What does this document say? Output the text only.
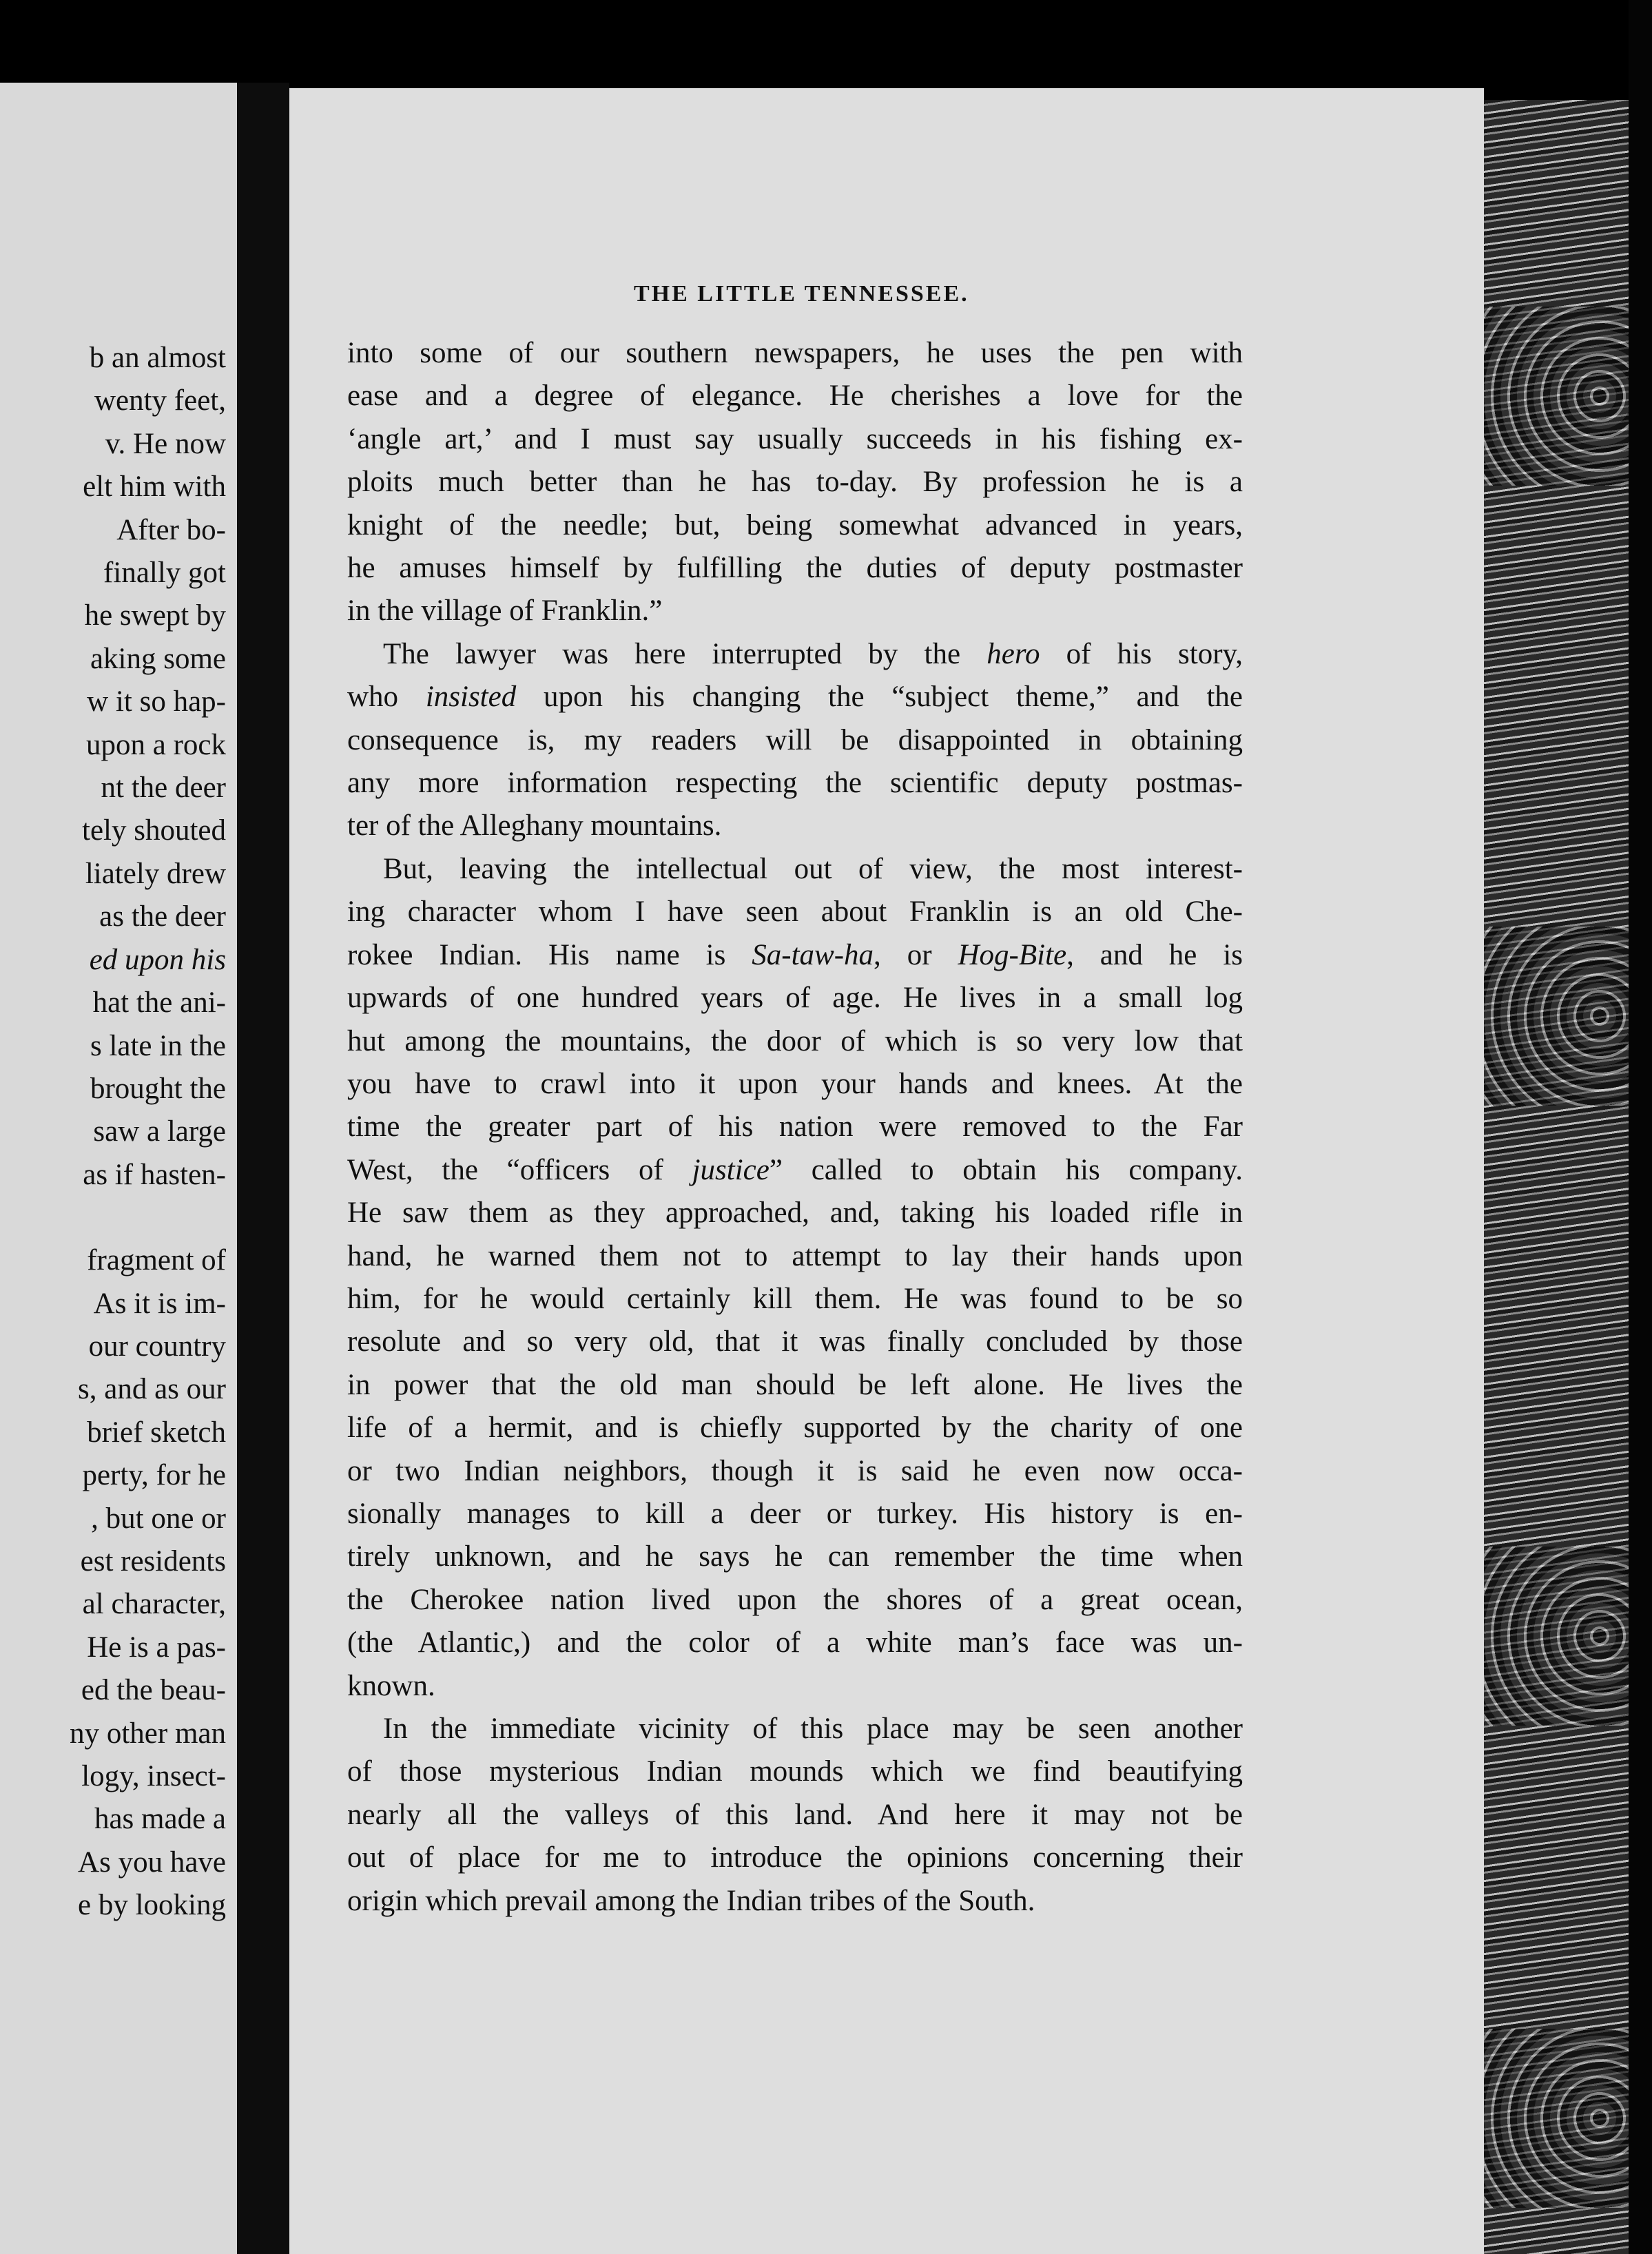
b an almost
wenty feet,
v. He now
elt him with
After bo-
finally got
he swept by
aking some
w it so hap-
upon a rock
nt the deer
tely shouted
liately drew
as the deer
ed upon his
hat the ani-
s late in the
brought the
saw a large
as if hasten-
fragment of
As it is im-
our country
s, and as our
brief sketch
perty, for he
, but one or
est residents
al character,
He is a pas-
ed the beau-
ny other man
logy, insect-
has made a
As you have
e by looking
THE LITTLE TENNESSEE.
into some of our southern newspapers, he uses the pen with
ease and a degree of elegance. He cherishes a love for the
‘angle art,’ and I must say usually succeeds in his fishing ex-
ploits much better than he has to-day. By profession he is a
knight of the needle; but, being somewhat advanced in years,
he amuses himself by fulfilling the duties of deputy postmaster
in the village of Franklin.”
The lawyer was here interrupted by the hero of his story,
who insisted upon his changing the “subject theme,” and the
consequence is, my readers will be disappointed in obtaining
any more information respecting the scientific deputy postmas-
ter of the Alleghany mountains.
But, leaving the intellectual out of view, the most interest-
ing character whom I have seen about Franklin is an old Che-
rokee Indian. His name is Sa-taw-ha, or Hog-Bite, and he is
upwards of one hundred years of age. He lives in a small log
hut among the mountains, the door of which is so very low that
you have to crawl into it upon your hands and knees. At the
time the greater part of his nation were removed to the Far
West, the “officers of justice” called to obtain his company.
He saw them as they approached, and, taking his loaded rifle in
hand, he warned them not to attempt to lay their hands upon
him, for he would certainly kill them. He was found to be so
resolute and so very old, that it was finally concluded by those
in power that the old man should be left alone. He lives the
life of a hermit, and is chiefly supported by the charity of one
or two Indian neighbors, though it is said he even now occa-
sionally manages to kill a deer or turkey. His history is en-
tirely unknown, and he says he can remember the time when
the Cherokee nation lived upon the shores of a great ocean,
(the Atlantic,) and the color of a white man’s face was un-
known.
In the immediate vicinity of this place may be seen another
of those mysterious Indian mounds which we find beautifying
nearly all the valleys of this land. And here it may not be
out of place for me to introduce the opinions concerning their
origin which prevail among the Indian tribes of the South.
